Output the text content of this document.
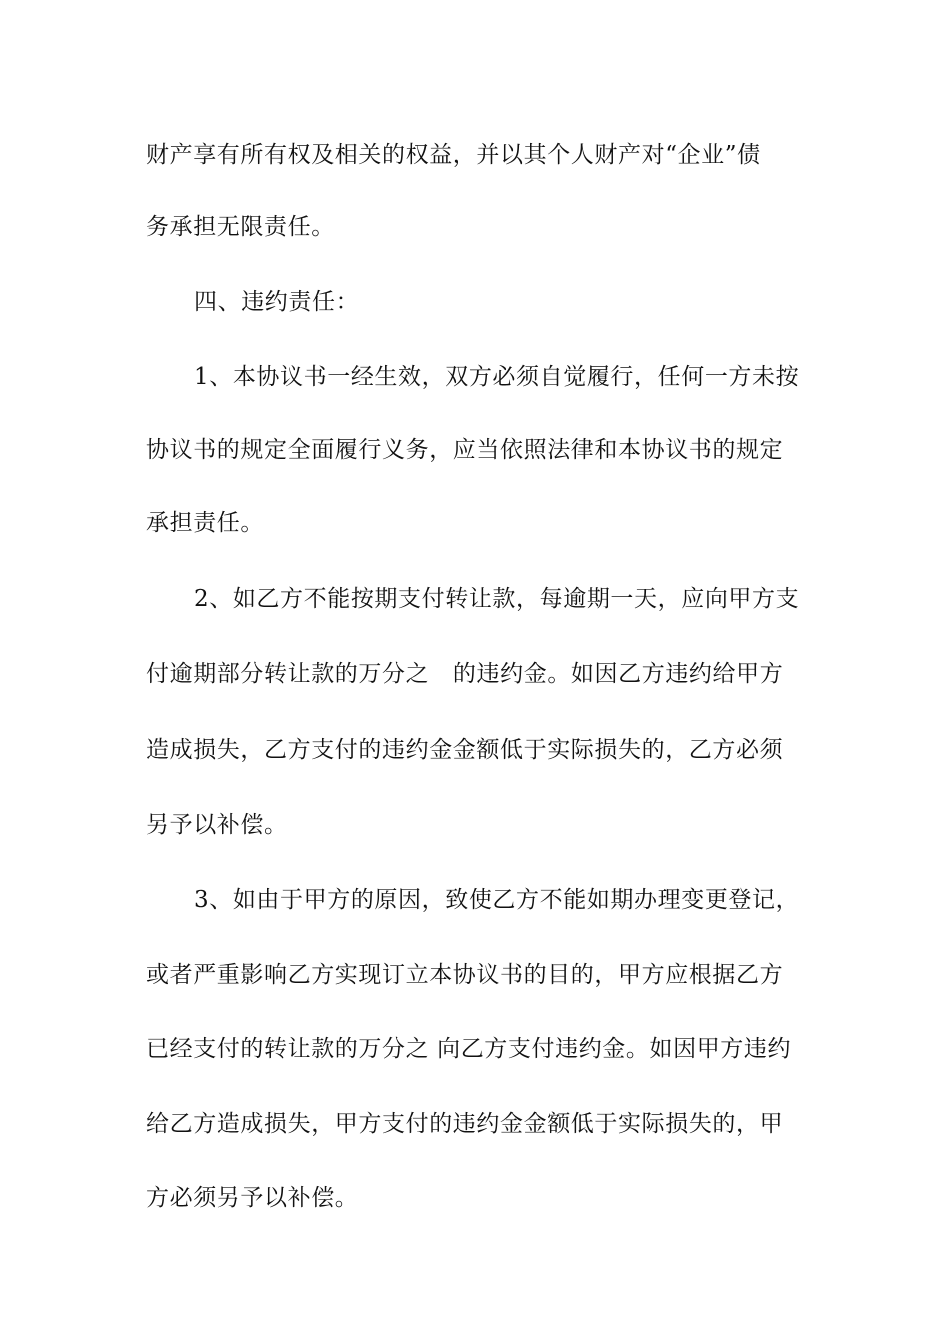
财产享有所有权及相关的权益，并以其个人财产对“企业”债
务承担无限责任。
四、违约责任：
1、本协议书一经生效，双方必须自觉履行，任何一方未按
协议书的规定全面履行义务，应当依照法律和本协议书的规定
承担责任。
2、如乙方不能按期支付转让款，每逾期一天，应向甲方支
付逾期部分转让款的万分之   的违约金。如因乙方违约给甲方
造成损失，乙方支付的违约金金额低于实际损失的，乙方必须
另予以补偿。
3、如由于甲方的原因，致使乙方不能如期办理变更登记，
或者严重影响乙方实现订立本协议书的目的，甲方应根据乙方
已经支付的转让款的万分之 向乙方支付违约金。如因甲方违约
给乙方造成损失，甲方支付的违约金金额低于实际损失的，甲
方必须另予以补偿。
